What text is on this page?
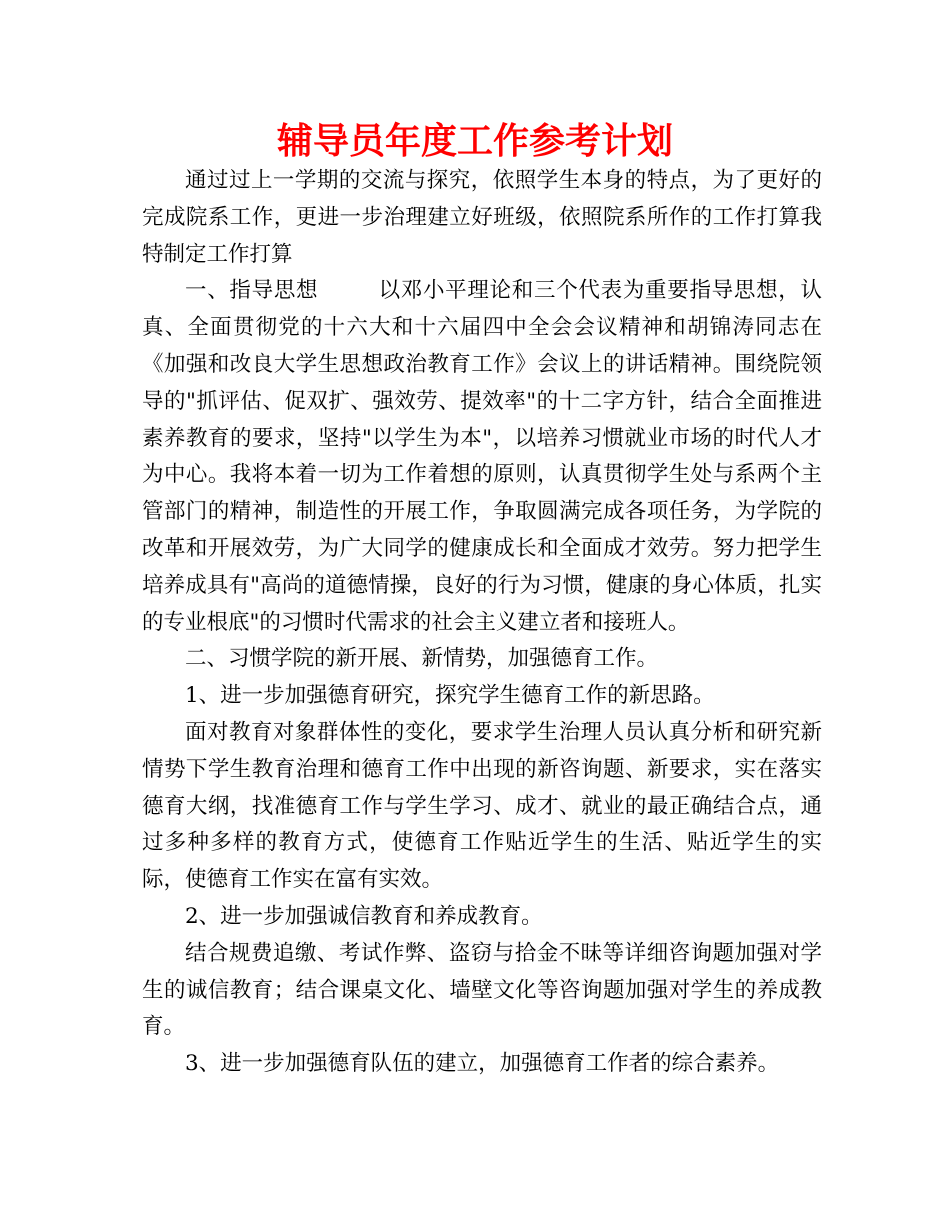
辅导员年度工作参考计划

通过过上一学期的交流与探究，依照学生本身的特点，为了更好的完成院系工作，更进一步治理建立好班级，依照院系所作的工作打算我特制定工作打算

一、指导思想        以邓小平理论和三个代表为重要指导思想，认真、全面贯彻党的十六大和十六届四中全会会议精神和胡锦涛同志在《加强和改良大学生思想政治教育工作》会议上的讲话精神。围绕院领导的"抓评估、促双扩、强效劳、提效率"的十二字方针，结合全面推进素养教育的要求，坚持"以学生为本"，以培养习惯就业市场的时代人才为中心。我将本着一切为工作着想的原则，认真贯彻学生处与系两个主管部门的精神，制造性的开展工作，争取圆满完成各项任务，为学院的改革和开展效劳，为广大同学的健康成长和全面成才效劳。努力把学生培养成具有"高尚的道德情操，良好的行为习惯，健康的身心体质，扎实的专业根底"的习惯时代需求的社会主义建立者和接班人。

二、习惯学院的新开展、新情势，加强德育工作。

1、进一步加强德育研究，探究学生德育工作的新思路。

面对教育对象群体性的变化，要求学生治理人员认真分析和研究新情势下学生教育治理和德育工作中出现的新咨询题、新要求，实在落实德育大纲，找准德育工作与学生学习、成才、就业的最正确结合点，通过多种多样的教育方式，使德育工作贴近学生的生活、贴近学生的实际，使德育工作实在富有实效。

2、进一步加强诚信教育和养成教育。

结合规费追缴、考试作弊、盗窃与拾金不昧等详细咨询题加强对学生的诚信教育；结合课桌文化、墙壁文化等咨询题加强对学生的养成教育。

3、进一步加强德育队伍的建立，加强德育工作者的综合素养。
